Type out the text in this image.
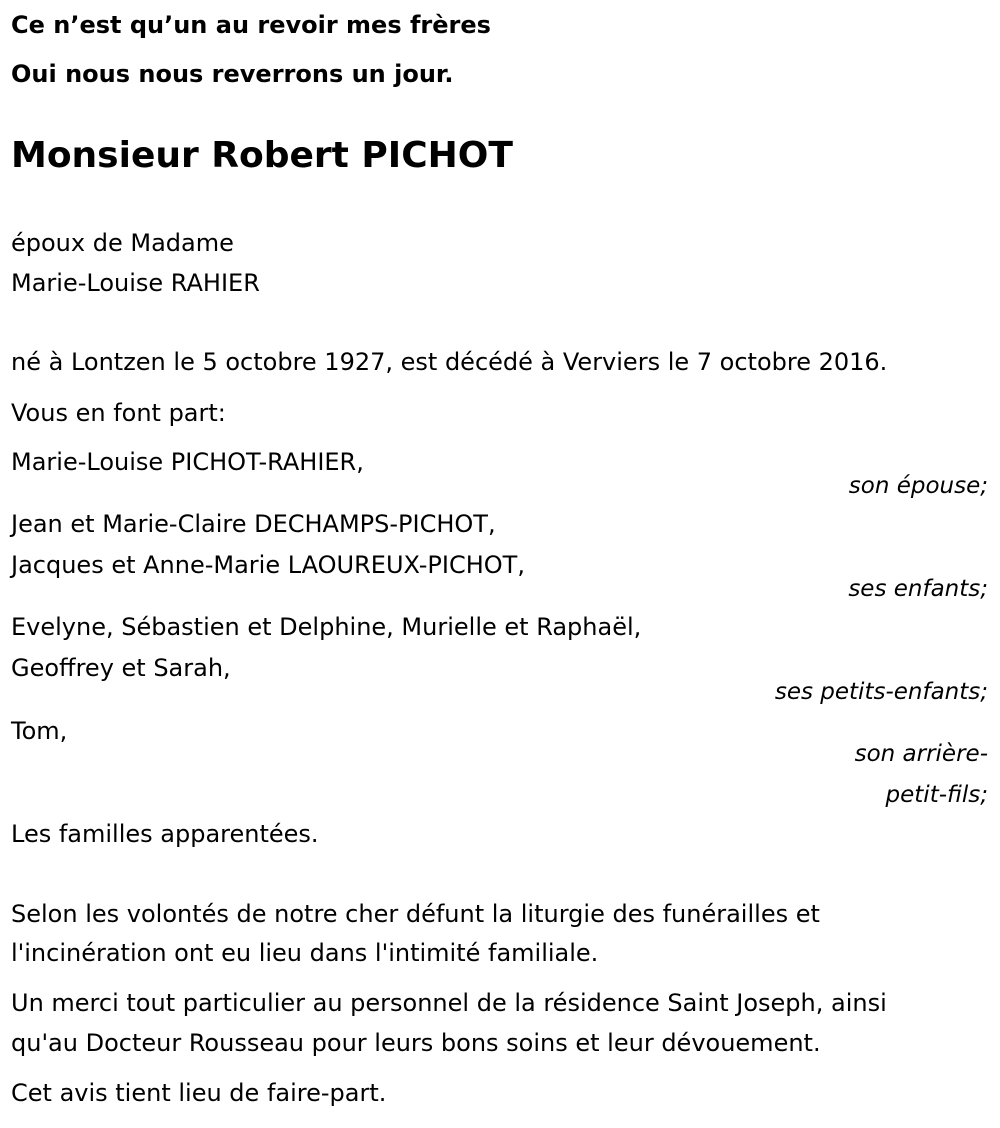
Ce n’est qu’un au revoir mes frères
Oui nous nous reverrons un jour.
Monsieur Robert PICHOT
époux de Madame
Marie-Louise RAHIER
né à Lontzen le 5 octobre 1927, est décédé à Verviers le 7 octobre 2016.
Vous en font part:
Marie-Louise PICHOT-RAHIER,
son épouse;
Jean et Marie-Claire DECHAMPS-PICHOT,
Jacques et Anne-Marie LAOUREUX-PICHOT,
ses enfants;
Evelyne, Sébastien et Delphine, Murielle et Raphaël,
Geoffrey et Sarah,
ses petits-enfants;
Tom,
son arrière-
petit-fils;
Les familles apparentées.
Selon les volontés de notre cher défunt la liturgie des funérailles et
l'incinération ont eu lieu dans l'intimité familiale.
Un merci tout particulier au personnel de la résidence Saint Joseph, ainsi
qu'au Docteur Rousseau pour leurs bons soins et leur dévouement.
Cet avis tient lieu de faire-part.
